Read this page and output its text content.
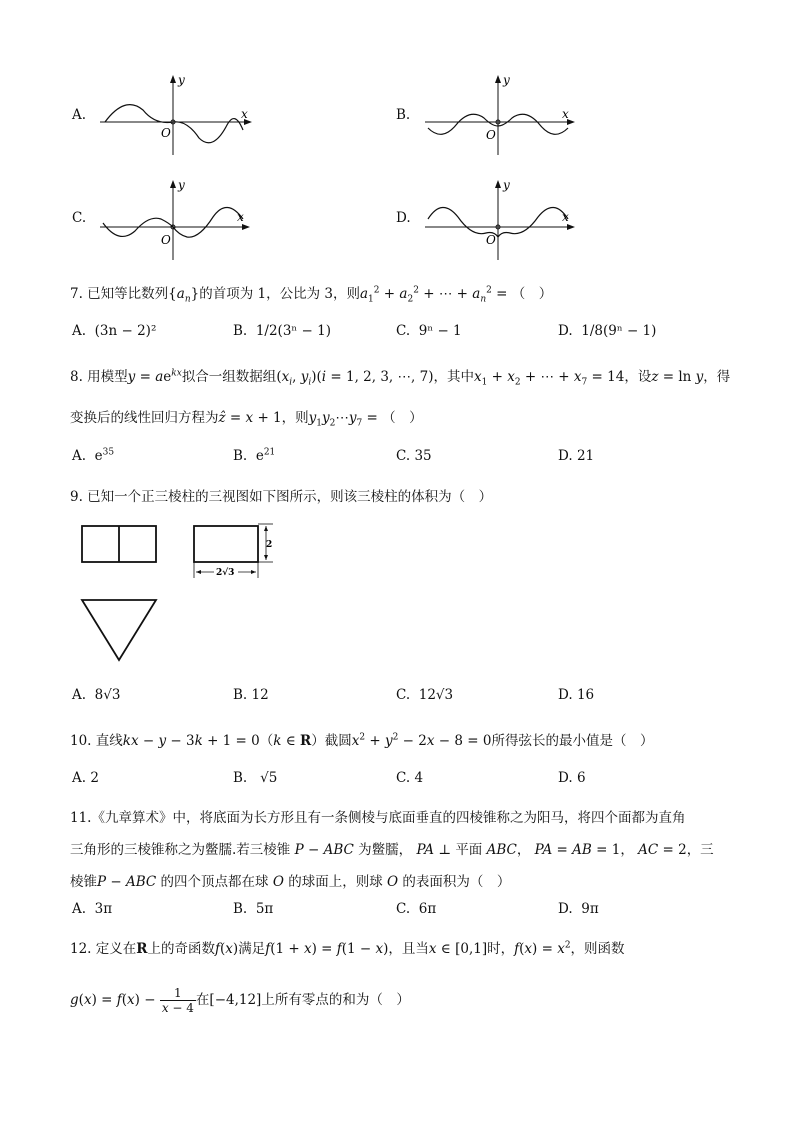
A.	B.
C.	D.
x
y
O
x
y
O
x
y
O
x
y
O
7. 已知等比数列$\{a_n\}$的首项为 1，公比为 3，则$a_1^2 + a_2^2$ + ⋯ + $a_n^2$ = （　）
A. (3n − 2)²	B. 1/2(3ⁿ − 1)	C. 9ⁿ − 1	D. 1/8(9ⁿ − 1)
8. 用模型$y = ae^{kx}$拟合一组数据组($x_i$, $y_i)(i = 1$, 2, 3, ⋯, 7)，其中$x_1 + x_2$ + ⋯ + $x_7 = 14$，设z = ln y，得
变换后的线性回归方程为ẑ = x + 1，则$y_1y_2\cdots y_7$ = （　）
A. $e^{35}$	B. $e^{21}$	C. 35	D. 21
9. 已知一个正三棱柱的三视图如下图所示，则该三棱柱的体积为（　）
2
2√3
A. 8√3	B. 12	C. 12√3	D. 16
10. 直线kx − y − 3k + 1 = 0（k ∈ R）截圆$x^2 + y^2 - 2x - 8 = 0$所得弦长的最小值是（　）
A. 2	B. √5	C. 4	D. 6
11.《九章算术》中，将底面为长方形且有一条侧棱与底面垂直的四棱锥称之为阳马，将四个面都为直角
三角形的三棱锥称之为鳖臑.若三棱锥 P − ABC 为鳖臑， PA ⊥ 平面 ABC， PA = AB = 1， AC = 2，三
棱锥P − ABC 的四个顶点都在球 O 的球面上，则球 O 的表面积为（　）
A. 3π	B. 5π	C. 6π	D. 9π
12. 定义在R上的奇函数f(x)满足f(1 + x) = f(1 − x)，且当x ∈ [0,1]时，$f(x) = x^2$，则函数
$g(x) = f(x) - \frac{1}{x - 4}$ 在[−4,12]上所有零点的和为（　）
